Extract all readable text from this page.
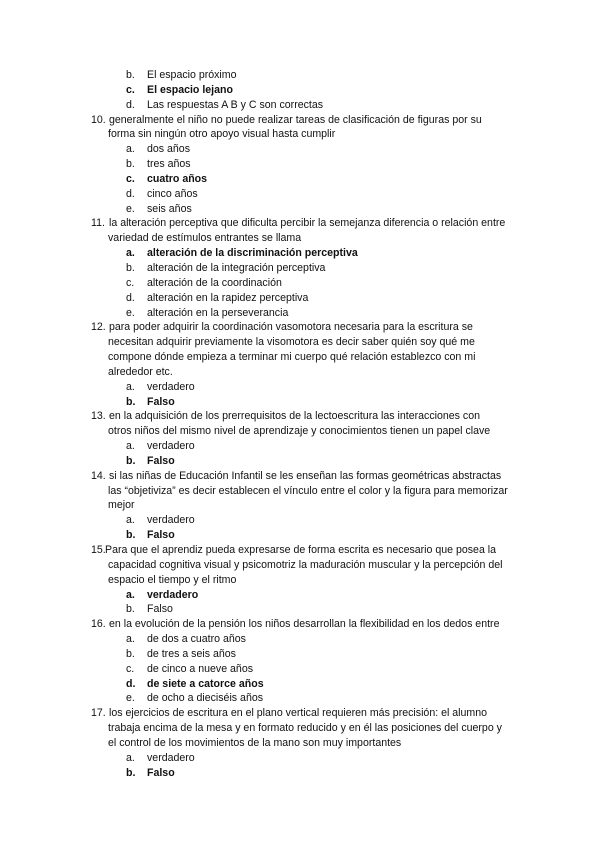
b. El espacio próximo
c. El espacio lejano
d. Las respuestas A B y C son correctas
10. generalmente el niño no puede realizar tareas de clasificación de figuras por su
forma sin ningún otro apoyo visual hasta cumplir
a. dos años
b. tres años
c. cuatro años
d. cinco años
e. seis años
11. la alteración perceptiva que dificulta percibir la semejanza diferencia o relación entre
variedad de estímulos entrantes se llama
a. alteración de la discriminación perceptiva
b. alteración de la integración perceptiva
c. alteración de la coordinación
d. alteración en la rapidez perceptiva
e. alteración en la perseverancia
12. para poder adquirir la coordinación vasomotora necesaria para la escritura se
necesitan adquirir previamente la visomotora es decir saber quién soy qué me
compone dónde empieza a terminar mi cuerpo qué relación establezco con mi
alrededor etc.
a. verdadero
b. Falso
13. en la adquisición de los prerrequisitos de la lectoescritura las interacciones con
otros niños del mismo nivel de aprendizaje y conocimientos tienen un papel clave
a. verdadero
b. Falso
14. si las niñas de Educación Infantil se les enseñan las formas geométricas abstractas
las “objetiviza” es decir establecen el vínculo entre el color y la figura para memorizar
mejor
a. verdadero
b. Falso
15. Para que el aprendiz pueda expresarse de forma escrita es necesario que posea la
capacidad cognitiva visual y psicomotriz la maduración muscular y la percepción del
espacio el tiempo y el ritmo
a. verdadero
b. Falso
16. en la evolución de la pensión los niños desarrollan la flexibilidad en los dedos entre
a. de dos a cuatro años
b. de tres a seis años
c. de cinco a nueve años
d. de siete a catorce años
e. de ocho a dieciséis años
17. los ejercicios de escritura en el plano vertical requieren más precisión: el alumno
trabaja encima de la mesa y en formato reducido y en él las posiciones del cuerpo y
el control de los movimientos de la mano son muy importantes
a. verdadero
b. Falso
